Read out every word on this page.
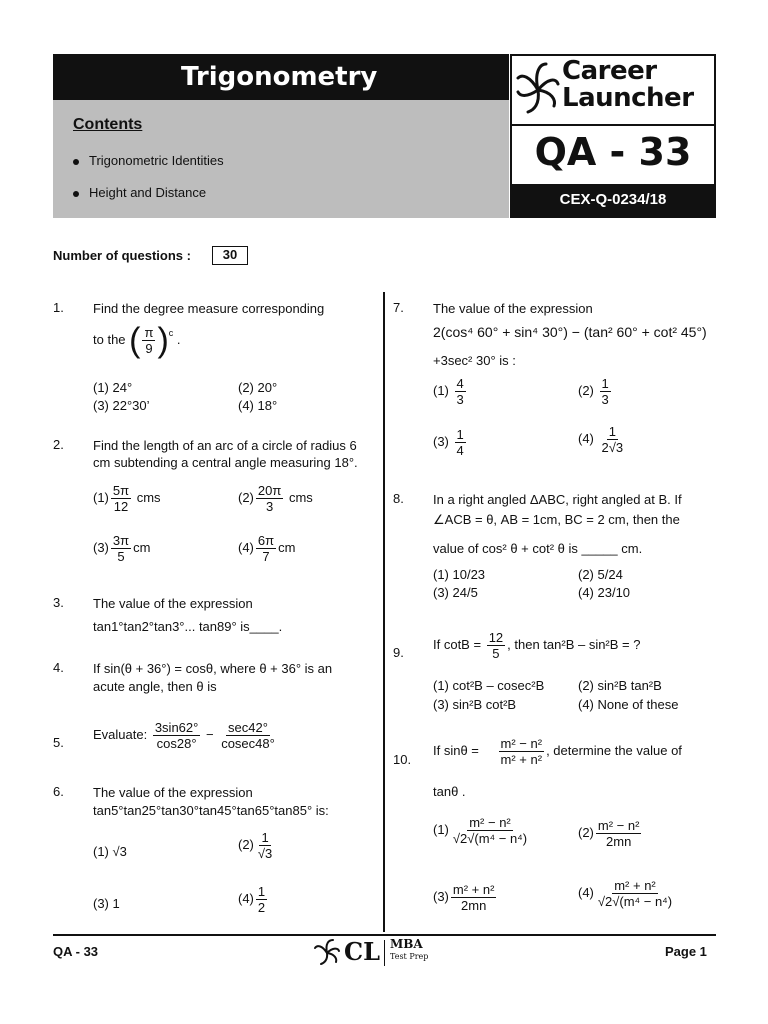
Trigonometry
Contents
Trigonometric Identities
Height and Distance
Career
Launcher
QA - 33
CEX-Q-0234/18
Number of questions :	30
1. Find the degree measure corresponding
to the ( $\frac{\pi}{9} )^c$ .
(1) 24°	(2) 20°
(3) 22°30’	(4) 18°
2. Find the length of an arc of a circle of radius 6
cm subtending a central angle measuring 18°.
$(1) \frac{5\pi}{12}$ cms	$(2) \frac{20\pi}{3}$ cms
$(3) \frac{3\pi}{5}$ cm	$(4) \frac{6\pi}{7}$ cm
3. The value of the expression
tan1°tan2°tan3°... tan89° is____.
4. If sin(θ + 36°) = cosθ, where θ + 36° is an
acute angle, then θ is
5.
Evaluate: $\frac{3\sin 62^\circ}{\cos 28^\circ} - \frac{\sec 42^\circ}{cosec48^\circ}$
6. The value of the expression
tan5°tan25°tan30°tan45°tan65°tan85° is:
(1) √3	$(2) \frac{1}{√3}$
(3) 1	$(4) \frac{1}{2}$
7. The value of the expression
2(cos⁴ 60° + sin⁴ 30°) − (tan² 60° + cot² 45°)
+3sec² 30° is :
$(1) \frac{4}{3}$	$(2) \frac{1}{3}$
$(3) \frac{1}{4}$	$(4) \frac{1}{2√3}$
8. In a right angled ΔABC, right angled at B. If
∠ACB = θ, AB = 1cm, BC = 2 cm, then the
value of cos² θ + cot² θ is _____ cm.
(1) 10/23	(2) 5/24
(3) 24/5	(4) 23/10
9.
If $\cot B = \frac{12}{5}$ , then tan²B – sin²B = ?
(1) cot²B – cosec²B	(2) sin²B tan²B
(3) sin²B cot²B	(4) None of these
10.
If $\sin\theta = \frac{\text{m² − n²}}{\text{m² + n²}}$ , determine the value of
tanθ .
$(1) \frac{\text{m² − n²}}{\text{√2√(m⁴ − n⁴)}}$	$(2) \frac{\text{m² − n²}}{2mn}$
$(3) \frac{\text{m² + n²}}{2mn}$	$(4) \frac{\text{m² + n²}}{\text{√2√(m⁴ − n⁴)}}$
QA - 33	CL MBA
Test Prep	Page 1
